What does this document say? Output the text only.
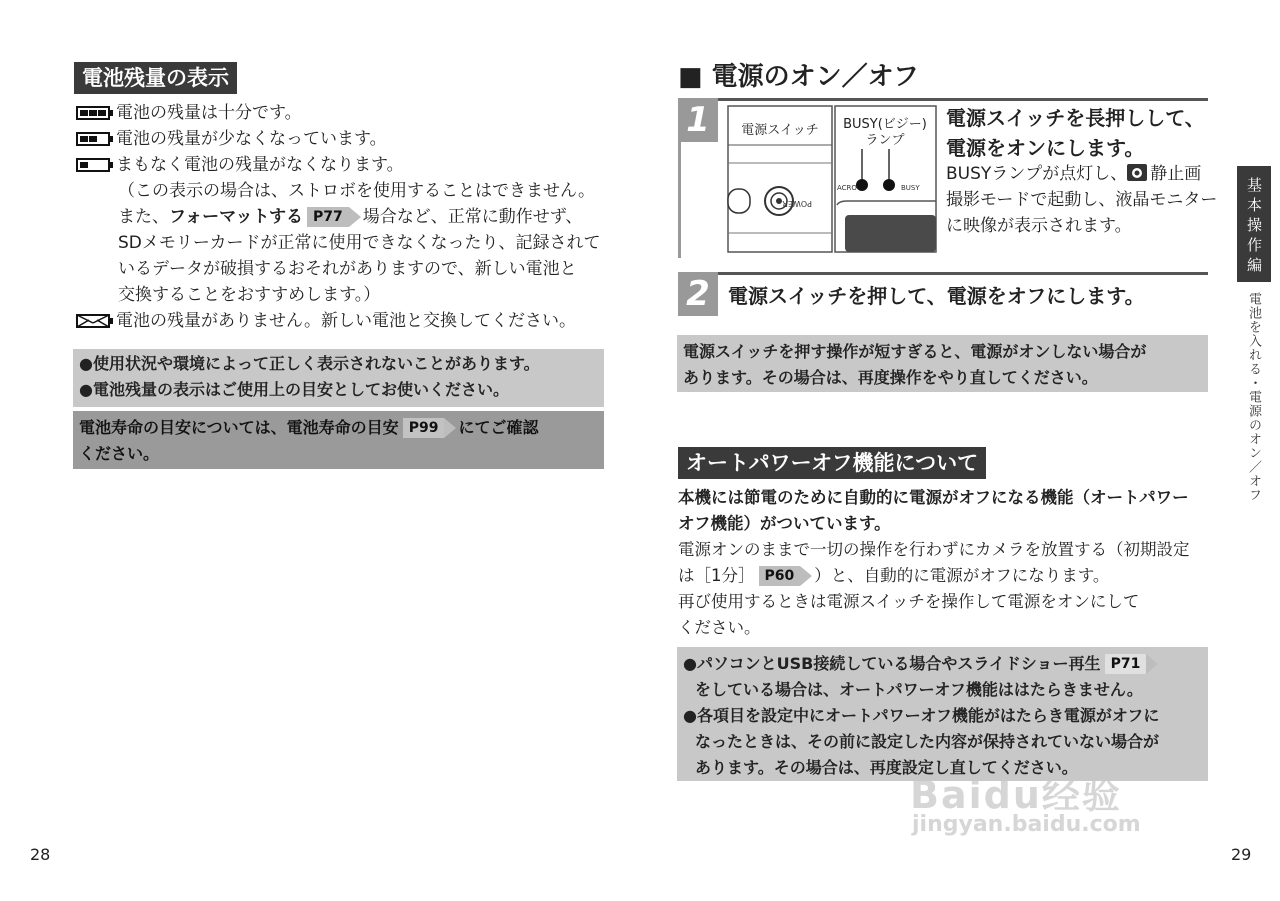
電池残量の表示
電池の残量は十分です。
電池の残量が少なくなっています。
まもなく電池の残量がなくなります。
（この表示の場合は、ストロボを使用することはできません。
また、フォーマットする P77 場合など、正常に動作せず、
SDメモリーカードが正常に使用できなくなったり、記録されて
いるデータが破損するおそれがありますので、新しい電池と
交換することをおすすめします。）
電池の残量がありません。新しい電池と交換してください。
●使用状況や環境によって正しく表示されないことがあります。
●電池残量の表示はご使用上の目安としてお使いください。
電池寿命の目安については、電池寿命の目安 P99 にてご確認
ください。
28
■ 電源のオン／オフ
1	電源スイッチ
POWER
BUSY(ビジー)
ランプ
ACRO	BUSY
電源スイッチを長押しして、
電源をオンにします。
BUSYランプが点灯し、 静止画
撮影モードで起動し、液晶モニター
に映像が表示されます。
2 電源スイッチを押して、電源をオフにします。
電源スイッチを押す操作が短すぎると、電源がオンしない場合が
あります。その場合は、再度操作をやり直してください。
オートパワーオフ機能について
本機には節電のために自動的に電源がオフになる機能（オートパワー
オフ機能）がついています。
電源オンのままで一切の操作を行わずにカメラを放置する（初期設定
は［1分］ P60 ）と、自動的に電源がオフになります。
再び使用するときは電源スイッチを操作して電源をオンにして
ください。
●パソコンとUSB接続している場合やスライドショー再生 P71
をしている場合は、オートパワーオフ機能ははたらきません。
●各項目を設定中にオートパワーオフ機能がはたらき電源がオフに
なったときは、その前に設定した内容が保持されていない場合が
あります。その場合は、再度設定し直してください。
基本操作編
電池を入れる・電源のオン／オフ
Baidu经验
jingyan.baidu.com
29
